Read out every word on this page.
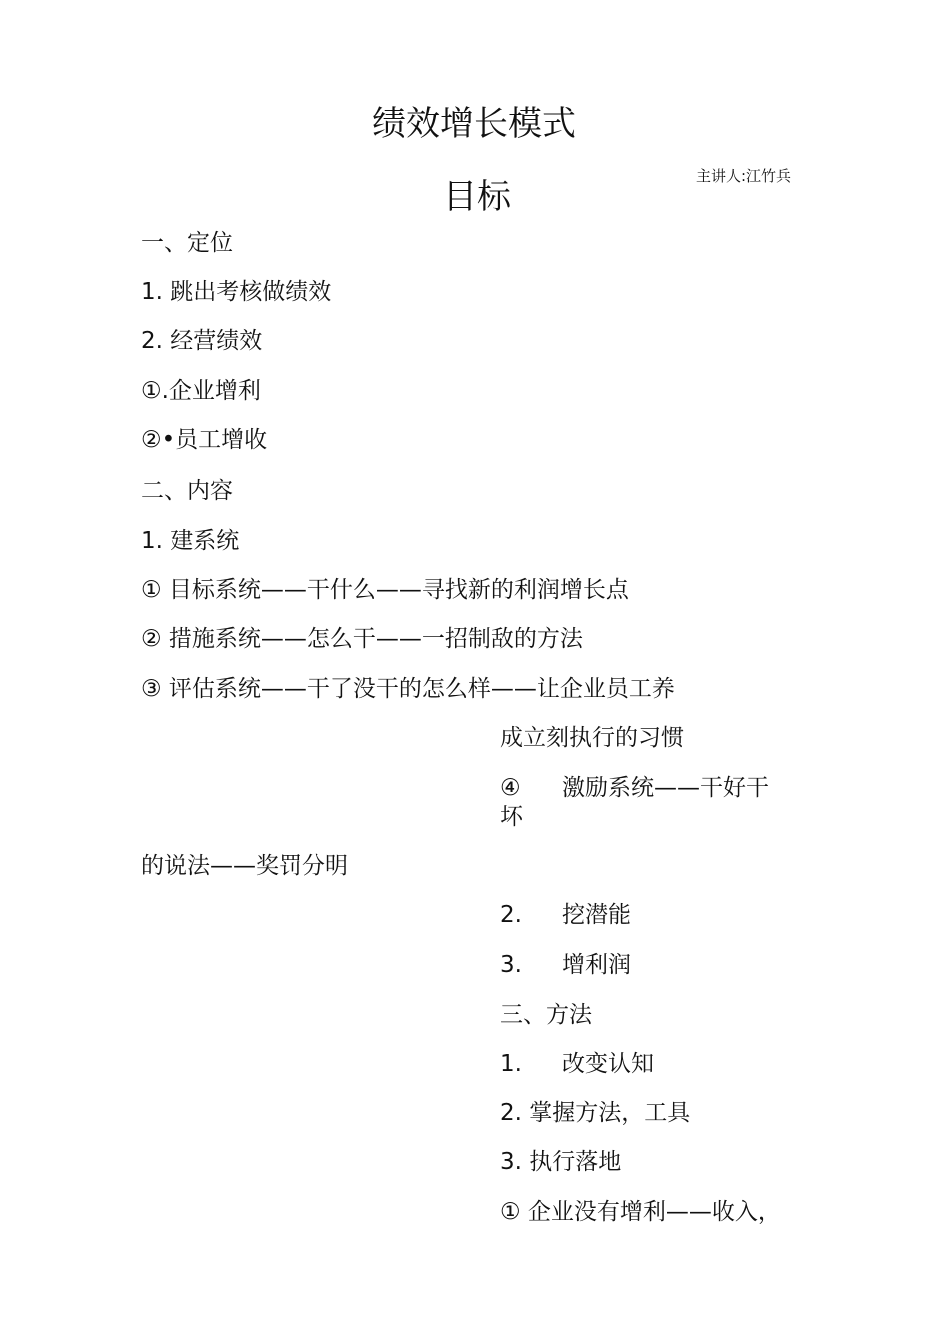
绩效增长模式
主讲人:江竹兵
目标
一、定位
1. 跳出考核做绩效
2. 经营绩效
①.企业增利
②•员工增收
二、内容
1. 建系统
① 目标系统——干什么——寻找新的利润增长点
② 措施系统——怎么干——一招制敌的方法
③ 评估系统——干了没干的怎么样——让企业员工养
成立刻执行的习惯
④ 激励系统——干好干
坏
的说法——奖罚分明
2. 挖潜能
3. 增利润
三、方法
1. 改变认知
2. 掌握方法，工具
3. 执行落地
① 企业没有增利——收入，
